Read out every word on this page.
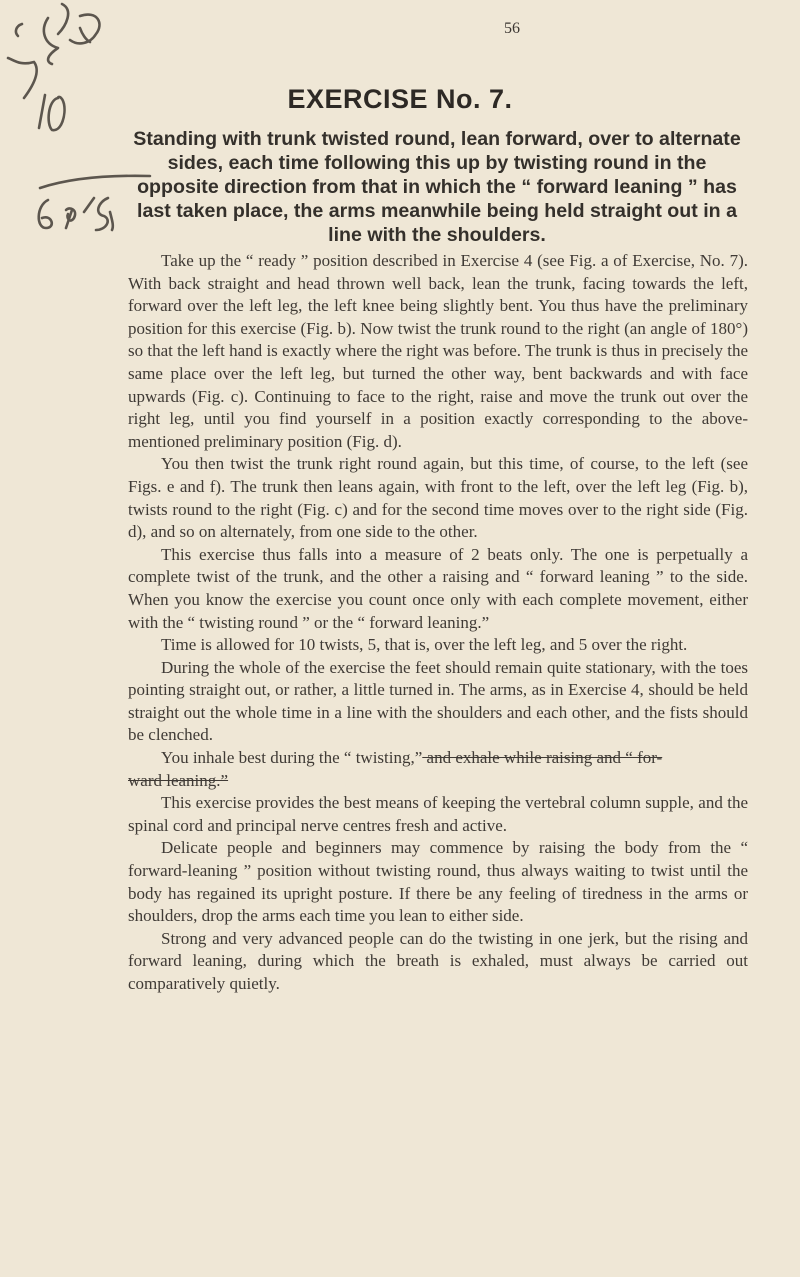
56
EXERCISE No. 7.

Standing with trunk twisted round, lean forward, over to alternate sides, each time following this up by twisting round in the opposite direction from that in which the “ forward leaning ” has last taken place, the arms meanwhile being held straight out in a line with the shoulders.

Take up the “ ready ” position described in Exercise 4 (see Fig. a of Exercise, No. 7). With back straight and head thrown well back, lean the trunk, facing towards the left, forward over the left leg, the left knee being slightly bent. You thus have the preliminary position for this exercise (Fig. b). Now twist the trunk round to the right (an angle of 180°) so that the left hand is exactly where the right was before. The trunk is thus in precisely the same place over the left leg, but turned the other way, bent backwards and with face upwards (Fig. c). Continuing to face to the right, raise and move the trunk out over the right leg, until you find yourself in a position exactly corresponding to the above-mentioned preliminary position (Fig. d).

You then twist the trunk right round again, but this time, of course, to the left (see Figs. e and f). The trunk then leans again, with front to the left, over the left leg (Fig. b), twists round to the right (Fig. c) and for the second time moves over to the right side (Fig. d), and so on alternately, from one side to the other.

This exercise thus falls into a measure of 2 beats only. The one is perpetually a complete twist of the trunk, and the other a raising and “ forward leaning ” to the side. When you know the exercise you count once only with each complete movement, either with the “ twisting round ” or the “ forward leaning.”

Time is allowed for 10 twists, 5, that is, over the left leg, and 5 over the right.

During the whole of the exercise the feet should remain quite stationary, with the toes pointing straight out, or rather, a little turned in. The arms, as in Exercise 4, should be held straight out the whole time in a line with the shoulders and each other, and the fists should be clenched.

You inhale best during the “ twisting,” and exhale while raising and “ for-
ward leaning.”

This exercise provides the best means of keeping the vertebral column supple, and the spinal cord and principal nerve centres fresh and active.

Delicate people and beginners may commence by raising the body from the “ forward-leaning ” position without twisting round, thus always waiting to twist until the body has regained its upright posture. If there be any feeling of tiredness in the arms or shoulders, drop the arms each time you lean to either side.

Strong and very advanced people can do the twisting in one jerk, but the rising and forward leaning, during which the breath is exhaled, must always be carried out comparatively quietly.
